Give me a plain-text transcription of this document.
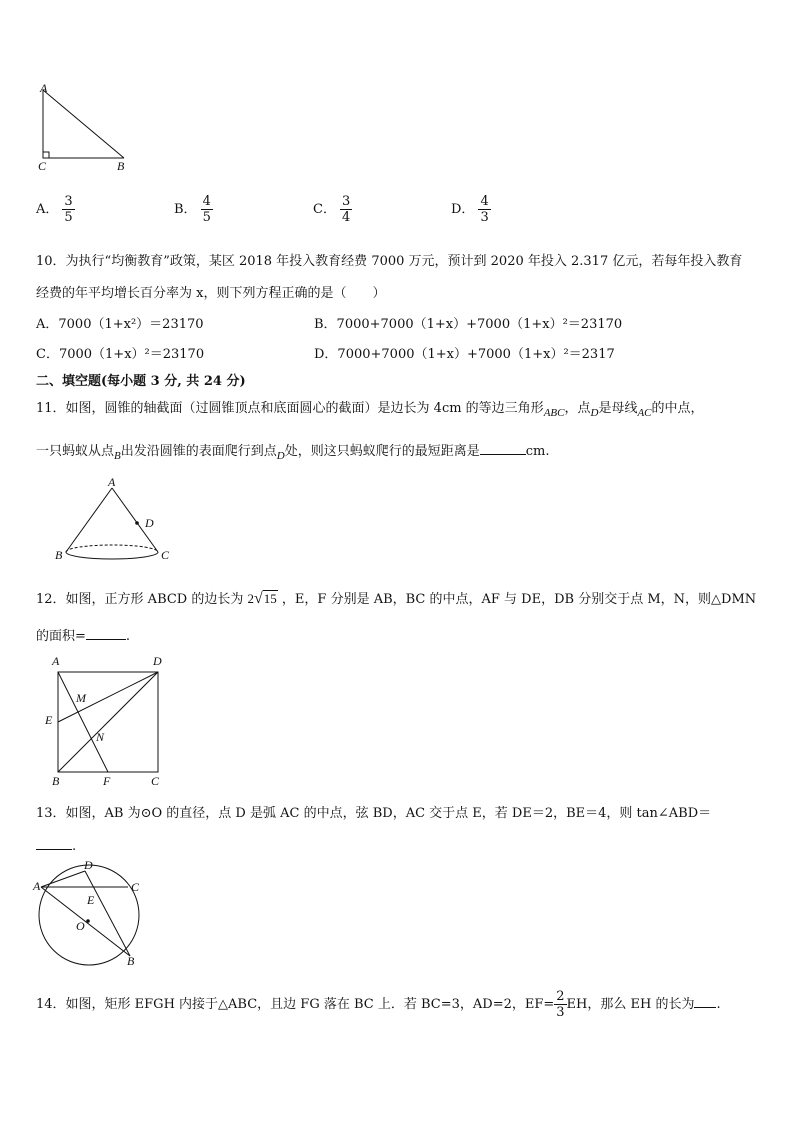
A
C	B
A． $\frac{3}{5}$	B． $\frac{4}{5}$	C． $\frac{3}{4}$	D． $\frac{4}{3}$
10．为执行“均衡教育”政策，某区 2018 年投入教育经费 7000 万元，预计到 2020 年投入 2.317 亿元，若每年投入教育
经费的年平均增长百分率为 x，则下列方程正确的是（　　）
A．7000（1+x²）＝23170	B．7000+7000（1+x）+7000（1+x）²＝23170
C．7000（1+x）²＝23170	D．7000+7000（1+x）+7000（1+x）²＝2317
二、填空题(每小题 3 分, 共 24 分)
11．如图，圆锥的轴截面（过圆锥顶点和底面圆心的截面）是边长为 4cm 的等边三角形$_{ABC}$，点$_D$是母线$_{AC}$的中点，
一只蚂蚁从点$_B$出发沿圆锥的表面爬行到点$_D$处，则这只蚂蚁爬行的最短距离是	cm.
A
D
B	C
12．如图，正方形 ABCD 的边长为 2√15 ，E，F 分别是 AB，BC 的中点，AF 与 DE，DB 分别交于点 M，N，则△DMN
的面积=	.
A	D
M
E
N
B	F	C
13．如图，AB 为⊙O 的直径，点 D 是弧 AC 的中点，弦 BD，AC 交于点 E，若 DE＝2，BE＝4，则 tan∠ABD＝
.
D
A	C
E
O
B
14．如图，矩形 EFGH 内接于△ABC，且边 FG 落在 BC 上．若 BC=3，AD=2，$EF= \frac{2}{3}$ EH，那么 EH 的长为 .
